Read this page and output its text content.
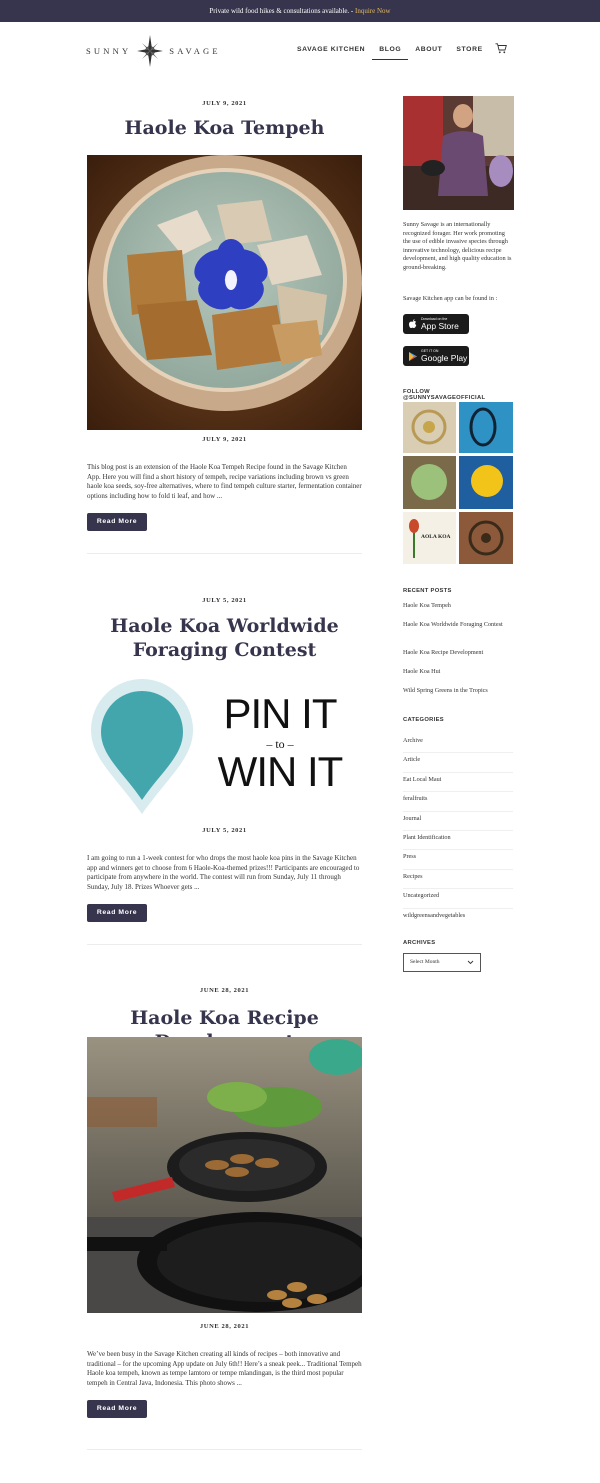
Private wild food hikes & consultations available. - Inquire Now
SUNNY	SAVAGE	SAVAGE KITCHEN	BLOG	ABOUT	STORE
JULY 9, 2021
Haole Koa Tempeh
JULY 9, 2021
This blog post is an extension of the Haole Koa Tempeh Recipe found in the Savage Kitchen App. Here you will find a short history of tempeh, recipe variations including brown vs green haole koa seeds, soy-free alternatives, where to find tempeh culture starter, fermentation container options including how to fold ti leaf, and how ...
Read More
JULY 5, 2021
Haole Koa Worldwide Foraging Contest
PIN IT
– to –
WIN IT
JULY 5, 2021
I am going to run a 1-week contest for who drops the most haole koa pins in the Savage Kitchen app and winners get to choose from 6 Haole-Koa-themed prizes!!! Participants are encouraged to participate from anywhere in the world. The contest will run from Sunday, July 11 through Sunday, July 18. Prizes Whoever gets ...
Read More
JUNE 28, 2021
Haole Koa Recipe
JUNE 28, 2021
We’ve been busy in the Savage Kitchen creating all kinds of recipes – both innovative and traditional – for the upcoming App update on July 6th!! Here’s a sneak peek... Traditional Tempeh Haole koa tempeh, known as tempe lamtoro or tempe mlandingan, is the third most popular tempeh in Central Java, Indonesia. This photo shows ...
Read More
Sunny Savage is an internationally recognized forager. Her work promoting the use of edible invasive species through innovative technology, delicious recipe development, and high quality education is ground-breaking.
Savage Kitchen app can be found in :
Download on the
App Store
GET IT ON
Google Play
FOLLOW @SUNNYSAVAGEOFFICIAL
AOLA KOA
RECENT POSTS
Haole Koa Tempeh
Haole Koa Worldwide Foraging Contest
Haole Koa Recipe Development
Haole Koa Hui
Wild Spring Greens in the Tropics
CATEGORIES
Archive
Article
Eat Local Maui
feralfruits
Journal
Plant Identification
Press
Recipes
Uncategorized
wildgreensandvegetables
ARCHIVES
Select Month
